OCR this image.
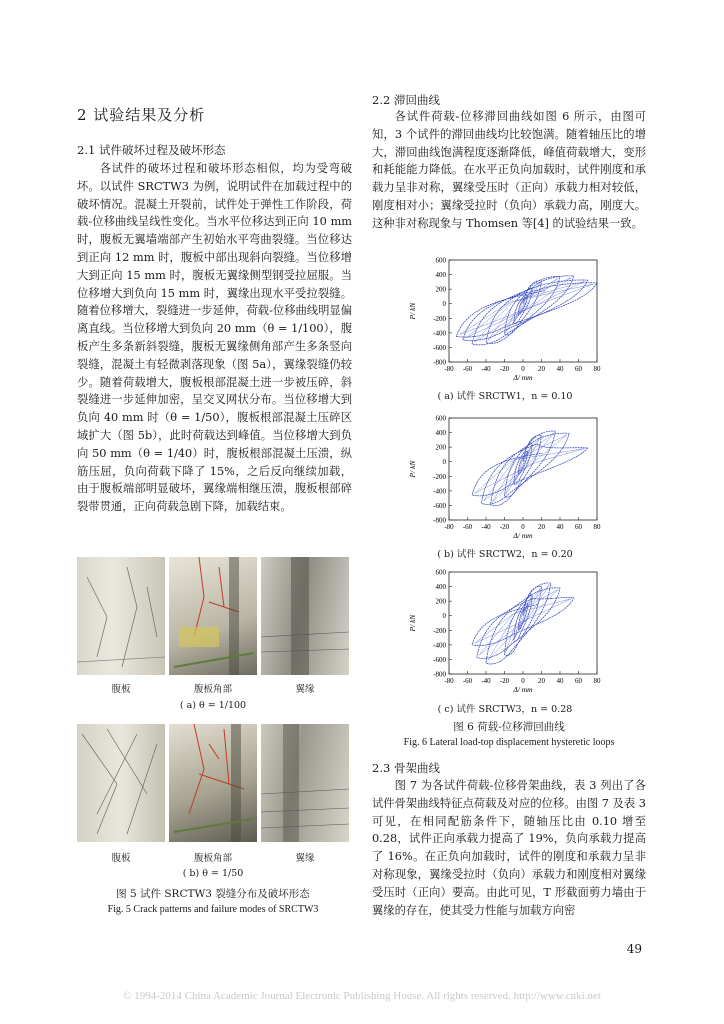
2 试验结果及分析
2.1 试件破坏过程及破坏形态

各试件的破坏过程和破坏形态相似，均为受弯破坏。以试件 SRCTW3 为例，说明试件在加载过程中的破坏情况。混凝土开裂前，试件处于弹性工作阶段，荷载-位移曲线呈线性变化。当水平位移达到正向 10 mm 时，腹板无翼墙端部产生初始水平弯曲裂缝。当位移达到正向 12 mm 时，腹板中部出现斜向裂缝。当位移增大到正向 15 mm 时，腹板无翼缘侧型钢受拉屈服。当位移增大到负向 15 mm 时，翼缘出现水平受拉裂缝。随着位移增大，裂缝进一步延伸，荷载-位移曲线明显偏离直线。当位移增大到负向 20 mm（θ = 1/100），腹板产生多条新斜裂缝，腹板无翼缘侧角部产生多条竖向裂缝，混凝土有轻微剥落现象（图 5a），翼缘裂缝仍较少。随着荷载增大，腹板根部混凝土进一步被压碎，斜裂缝进一步延伸加密，呈交叉网状分布。当位移增大到负向 40 mm 时（θ = 1/50），腹板根部混凝土压碎区域扩大（图 5b），此时荷载达到峰值。当位移增大到负向 50 mm（θ = 1/40）时，腹板根部混凝土压溃，纵筋压屈，负向荷载下降了 15%，之后反向继续加载，由于腹板端部明显破坏，翼缘端相继压溃，腹板根部碎裂带贯通，正向荷载急剧下降，加载结束。

腹板	腹板角部	翼缘
( a) θ = 1/100
腹板	腹板角部	翼缘
( b) θ = 1/50
图 5 试件 SRCTW3 裂缝分布及破坏形态
Fig. 5 Crack patterns and failure modes of SRCTW3
2.2 滞回曲线

各试件荷载-位移滞回曲线如图 6 所示，由图可知，3 个试件的滞回曲线均比较饱满。随着轴压比的增大，滞回曲线饱满程度逐渐降低，峰值荷载增大，变形和耗能能力降低。在水平正负向加载时，试件刚度和承载力呈非对称，翼缘受压时（正向）承载力相对较低，刚度相对小；翼缘受拉时（负向）承载力高，刚度大。这种非对称现象与 Thomsen 等[4] 的试验结果一致。

600
400
200
0
-200
-400
-600
-800
-80 -60 -40 -20 0 20 40 60 80
Δ/ mm
P/ kN
( a) 试件 SRCTW1，n = 0.10
600
400
200
0
-200
-400
-600
-800
-80 -60 -40 -20 0 20 40 60 80
Δ/ mm
P/ kN
( b) 试件 SRCTW2，n = 0.20
600
400
200
0
-200
-400
-600
-800
-80 -60 -40 -20 0 20 40 60 80
Δ/ mm
P/ kN
( c) 试件 SRCTW3，n = 0.28
图 6 荷载-位移滞回曲线
Fig. 6 Lateral load-top displacement hysteretic loops
2.3 骨架曲线

图 7 为各试件荷载-位移骨架曲线，表 3 列出了各试件骨架曲线特征点荷载及对应的位移。由图 7 及表 3 可见，在相同配筋条件下，随轴压比由 0.10 增至 0.28，试件正向承载力提高了 19%，负向承载力提高了 16%。在正负向加载时，试件的刚度和承载力呈非对称现象，翼缘受拉时（负向）承载力和刚度相对翼缘受压时（正向）要高。由此可见，T 形截面剪力墙由于翼缘的存在，使其受力性能与加载方向密

49
© 1994-2014 China Academic Journal Electronic Publishing House. All rights reserved. http://www.cnki.net
